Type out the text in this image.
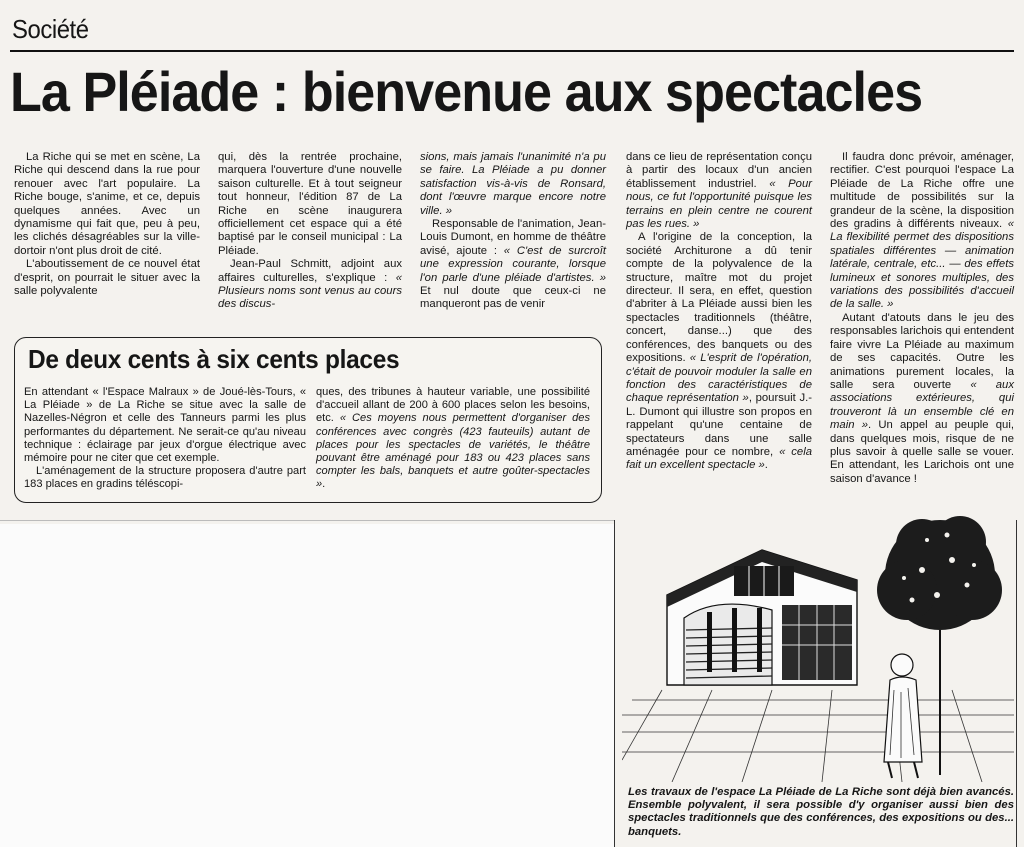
Société
La Pléiade : bienvenue aux spectacles

La Riche qui se met en scène, La Riche qui descend dans la rue pour renouer avec l'art populaire. La Riche bouge, s'anime, et ce, depuis quelques années. Avec un dynamisme qui fait que, peu à peu, les clichés désagréables sur la ville-dortoir n'ont plus droit de cité.

L'aboutissement de ce nouvel état d'esprit, on pourrait le situer avec la salle polyvalente

qui, dès la rentrée prochaine, marquera l'ouverture d'une nouvelle saison culturelle. Et à tout seigneur tout honneur, l'édition 87 de La Riche en scène inaugurera officiellement cet espace qui a été baptisé par le conseil municipal : La Pléiade.

Jean-Paul Schmitt, adjoint aux affaires culturelles, s'explique : « Plusieurs noms sont venus au cours des discus-

sions, mais jamais l'unanimité n'a pu se faire. La Pléiade a pu donner satisfaction vis-à-vis de Ronsard, dont l'œuvre marque encore notre ville. »

Responsable de l'animation, Jean-Louis Dumont, en homme de théâtre avisé, ajoute : « C'est de surcroît une expression courante, lorsque l'on parle d'une pléiade d'artistes. » Et nul doute que ceux-ci ne manqueront pas de venir

dans ce lieu de représentation conçu à partir des locaux d'un ancien établissement industriel. « Pour nous, ce fut l'opportunité puisque les terrains en plein centre ne courent pas les rues. »

A l'origine de la conception, la société Architurone a dû tenir compte de la polyvalence de la structure, maître mot du projet directeur. Il sera, en effet, question d'abriter à La Pléiade aussi bien les spectacles traditionnels (théâtre, concert, danse...) que des conférences, des banquets ou des expositions. « L'esprit de l'opération, c'était de pouvoir moduler la salle en fonction des caractéristiques de chaque représentation », poursuit J.-L. Dumont qui illustre son propos en rappelant qu'une centaine de spectateurs dans une salle aménagée pour ce nombre, « cela fait un excellent spectacle ».

Il faudra donc prévoir, aménager, rectifier. C'est pourquoi l'espace La Pléiade de La Riche offre une multitude de possibilités sur la grandeur de la scène, la disposition des gradins à différents niveaux. « La flexibilité permet des dispositions spatiales différentes — animation latérale, centrale, etc... — des effets lumineux et sonores multiples, des variations des possibilités d'accueil de la salle. »

Autant d'atouts dans le jeu des responsables larichois qui entendent faire vivre La Pléiade au maximum de ses capacités. Outre les animations purement locales, la salle sera ouverte « aux associations extérieures, qui trouveront là un ensemble clé en main ». Un appel au peuple qui, dans quelques mois, risque de ne plus savoir à quelle salle se vouer. En attendant, les Larichois ont une saison d'avance !

De deux cents à six cents places

En attendant « l'Espace Malraux » de Joué-lès-Tours, « La Pléiade » de La Riche se situe avec la salle de Nazelles-Négron et celle des Tanneurs parmi les plus performantes du département. Ne serait-ce qu'au niveau technique : éclairage par jeux d'orgue électrique avec mémoire pour ne citer que cet exemple.

L'aménagement de la structure proposera d'autre part 183 places en gradins téléscopi-

ques, des tribunes à hauteur variable, une possibilité d'accueil allant de 200 à 600 places selon les besoins, etc. « Ces moyens nous permettent d'organiser des conférences avec congrès (423 fauteuils) autant de places pour les spectacles de variétés, le théâtre pouvant être aménagé pour 183 ou 423 places sans compter les bals, banquets et autre goûter-spectacles ».

Les travaux de l'espace La Pléiade de La Riche sont déjà bien avancés. Ensemble polyvalent, il sera possible d'y organiser aussi bien des spectacles traditionnels que des conférences, des expositions ou des... banquets.
